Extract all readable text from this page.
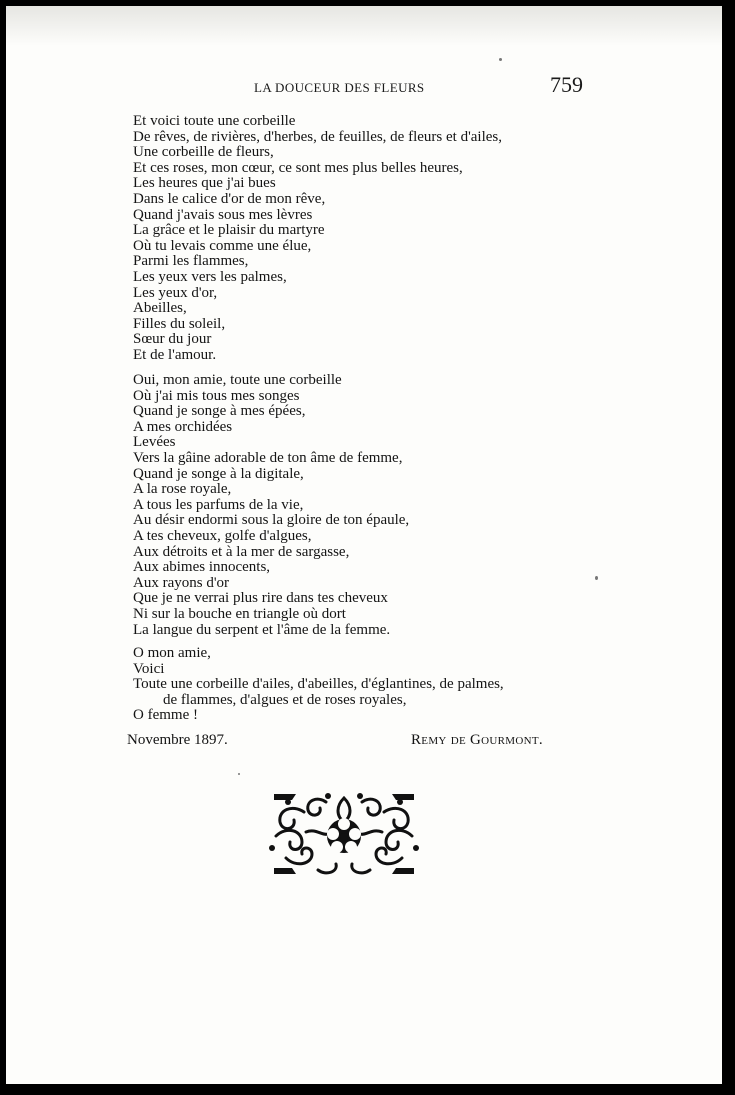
LA DOUCEUR DES FLEURS	759
Et voici toute une corbeille
De rêves, de rivières, d'herbes, de feuilles, de fleurs et d'ailes,
Une corbeille de fleurs,
Et ces roses, mon cœur, ce sont mes plus belles heures,
Les heures que j'ai bues
Dans le calice d'or de mon rêve,
Quand j'avais sous mes lèvres
La grâce et le plaisir du martyre
Où tu levais comme une élue,
Parmi les flammes,
Les yeux vers les palmes,
Les yeux d'or,
Abeilles,
Filles du soleil,
Sœur du jour
Et de l'amour.
Oui, mon amie, toute une corbeille
Où j'ai mis tous mes songes
Quand je songe à mes épées,
A mes orchidées
Levées
Vers la gâine adorable de ton âme de femme,
Quand je songe à la digitale,
A la rose royale,
A tous les parfums de la vie,
Au désir endormi sous la gloire de ton épaule,
A tes cheveux, golfe d'algues,
Aux détroits et à la mer de sargasse,
Aux abimes innocents,
Aux rayons d'or
Que je ne verrai plus rire dans tes cheveux
Ni sur la bouche en triangle où dort
La langue du serpent et l'âme de la femme.
O mon amie,
Voici
Toute une corbeille d'ailes, d'abeilles, d'églantines, de palmes,
de flammes, d'algues et de roses royales,
O femme !
Novembre 1897.	Remy de Gourmont.
